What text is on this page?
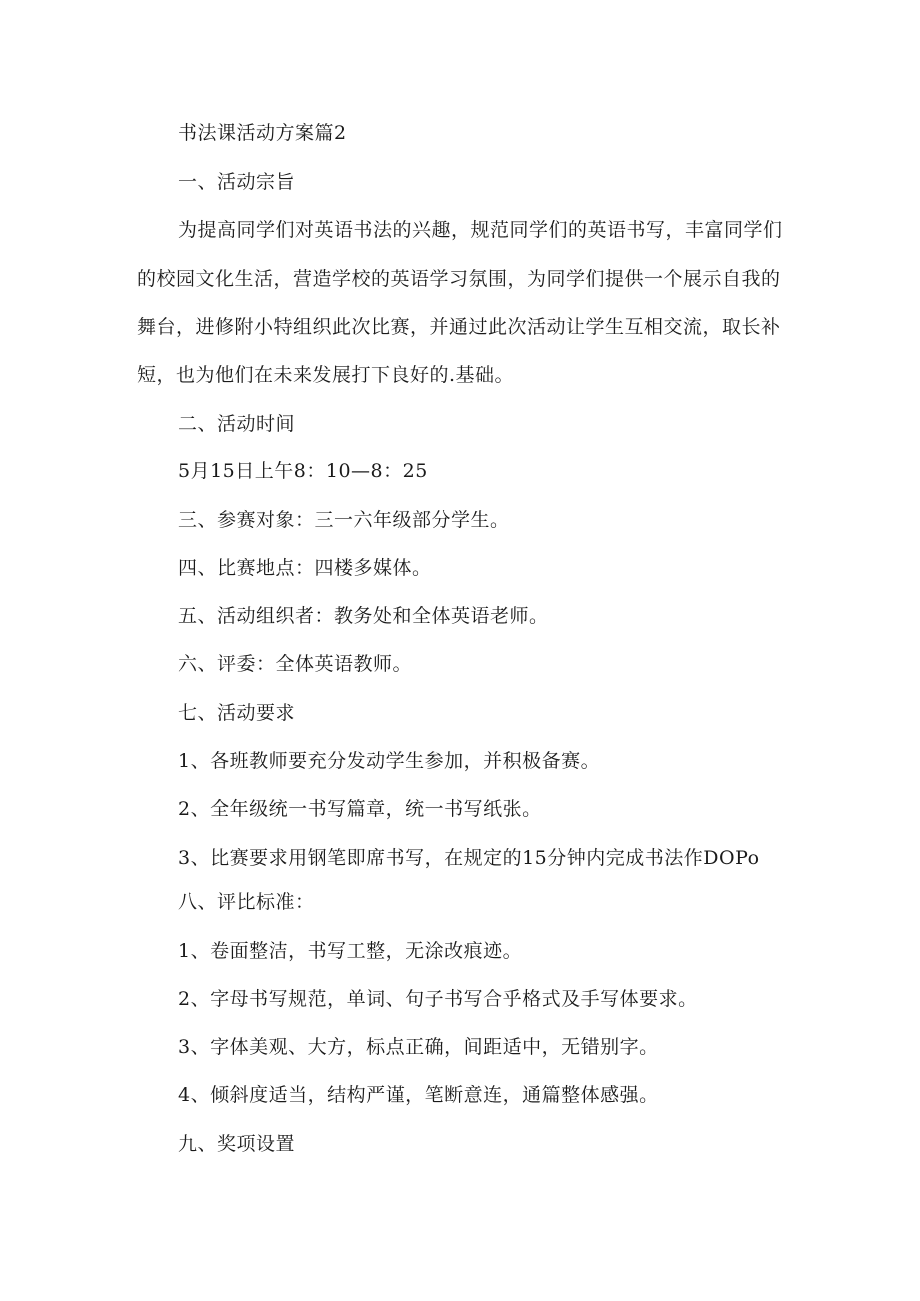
书法课活动方案篇2
一、活动宗旨
为提高同学们对英语书法的兴趣，规范同学们的英语书写，丰富同学们
的校园文化生活，营造学校的英语学习氛围，为同学们提供一个展示自我的
舞台，进修附小特组织此次比赛，并通过此次活动让学生互相交流，取长补
短，也为他们在未来发展打下良好的.基础。
二、活动时间
5月15日上午8：10—8：25
三、参赛对象：三一六年级部分学生。
四、比赛地点：四楼多媒体。
五、活动组织者：教务处和全体英语老师。
六、评委：全体英语教师。
七、活动要求
1、各班教师要充分发动学生参加，并积极备赛。
2、全年级统一书写篇章，统一书写纸张。
3、比赛要求用钢笔即席书写，在规定的15分钟内完成书法作DOPo
八、评比标准：
1、卷面整洁，书写工整，无涂改痕迹。
2、字母书写规范，单词、句子书写合乎格式及手写体要求。
3、字体美观、大方，标点正确，间距适中，无错别字。
4、倾斜度适当，结构严谨，笔断意连，通篇整体感强。
九、奖项设置
